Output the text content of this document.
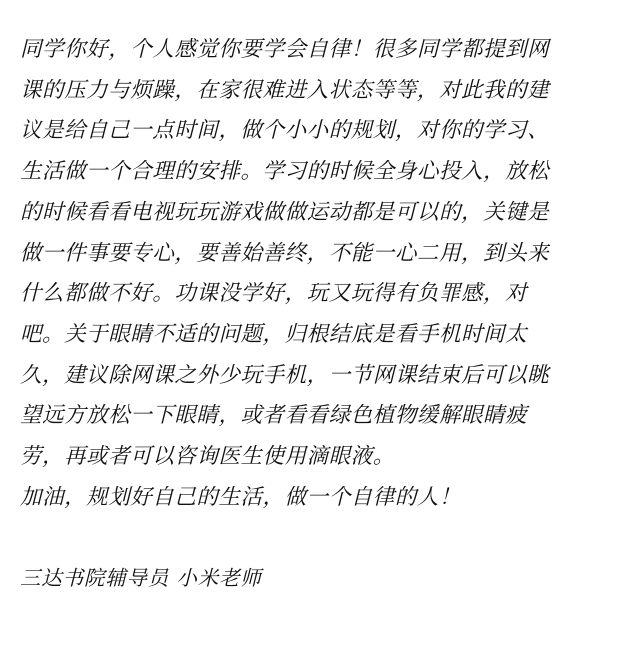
同学你好，个人感觉你要学会自律！很多同学都提到网
课的压力与烦躁，在家很难进入状态等等，对此我的建
议是给自己一点时间，做个小小的规划，对你的学习、
生活做一个合理的安排。学习的时候全身心投入，放松
的时候看看电视玩玩游戏做做运动都是可以的，关键是
做一件事要专心，要善始善终，不能一心二用，到头来
什么都做不好。功课没学好，玩又玩得有负罪感，对
吧。关于眼睛不适的问题，归根结底是看手机时间太
久，建议除网课之外少玩手机，一节网课结束后可以眺
望远方放松一下眼睛，或者看看绿色植物缓解眼睛疲
劳，再或者可以咨询医生使用滴眼液。
加油，规划好自己的生活，做一个自律的人！
三达书院辅导员 小米老师
